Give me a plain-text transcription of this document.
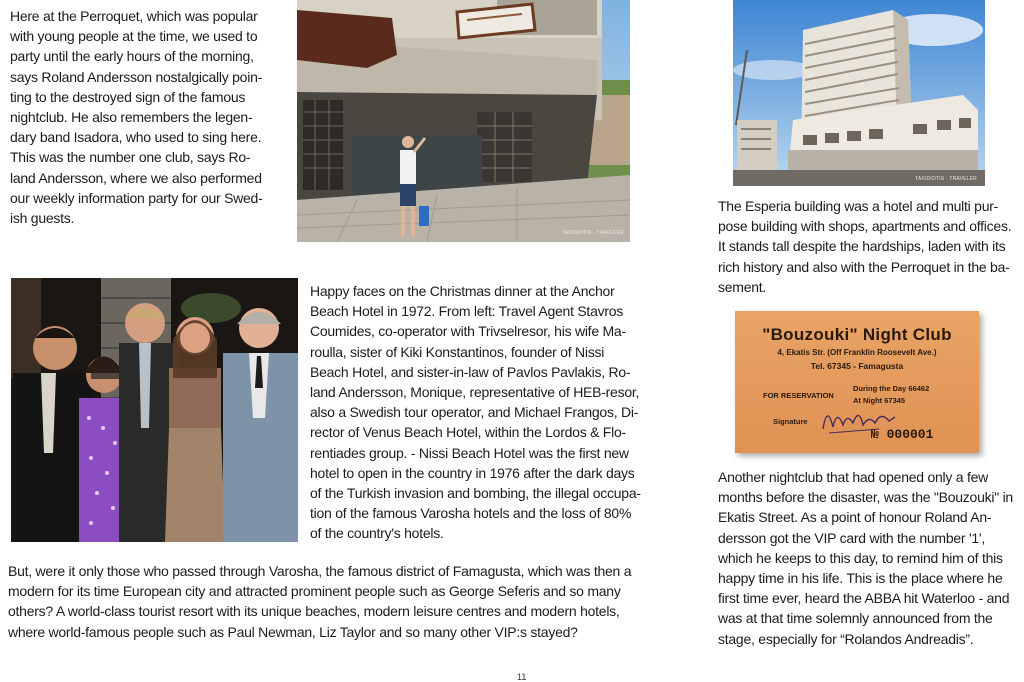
Here at the Perroquet, which was popular
with young people at the time, we used to
party until the early hours of the morning,
says Roland Andersson nostalgically poin-
ting to the destroyed sign of the famous
nightclub. He also remembers the legen-
dary band Isadora, who used to sing here.
This was the number one club, says Ro-
land Andersson, where we also performed
our weekly information party for our Swed-
ish guests.
TAXIDIOTIS · TRAVELER
TAXIDIOTIS · TRAVELER
Happy faces on the Christmas dinner at the Anchor
Beach Hotel in 1972. From left: Travel Agent Stavros
Coumides, co-operator with Trivselresor, his wife Ma-
roulla, sister of Kiki Konstantinos, founder of Nissi
Beach Hotel, and sister-in-law of Pavlos Pavlakis, Ro-
land Andersson, Monique, representative of HEB-resor,
also a Swedish tour operator, and Michael Frangos, Di-
rector of Venus Beach Hotel, within the Lordos & Flo-
rentiades group. - Nissi Beach Hotel was the first new
hotel to open in the country in 1976 after the dark days
of the Turkish invasion and bombing, the illegal occupa-
tion of the famous Varosha hotels and the loss of 80%
of the country's hotels.
But, were it only those who passed through Varosha, the famous district of Famagusta, which was then a
modern for its time European city and attracted prominent people such as George Seferis and so many
others? A world-class tourist resort with its unique beaches, modern leisure centres and modern hotels,
where world-famous people such as Paul Newman, Liz Taylor and so many other VIP:s stayed?
The Esperia building was a hotel and multi pur-
pose building with shops, apartments and offices.
It stands tall despite the hardships, laden with its
rich history and also with the Perroquet in the ba-
sement.
"Bouzouki" Night Club
4, Ekatis Str. (Off Franklin Roosevelt Ave.)
Tel. 67345 - Famagusta
FOR RESERVATION
During the Day 66462
At Night 67345
Signature
№ 000001
Another nightclub that had opened only a few
months before the disaster, was the "Bouzouki" in
Ekatis Street. As a point of honour Roland An-
dersson got the VIP card with the number '1',
which he keeps to this day, to remind him of this
happy time in his life. This is the place where he
first time ever, heard the ABBA hit Waterloo - and
was at that time solemnly announced from the
stage, especially for “Rolandos Andreadis”.
11
